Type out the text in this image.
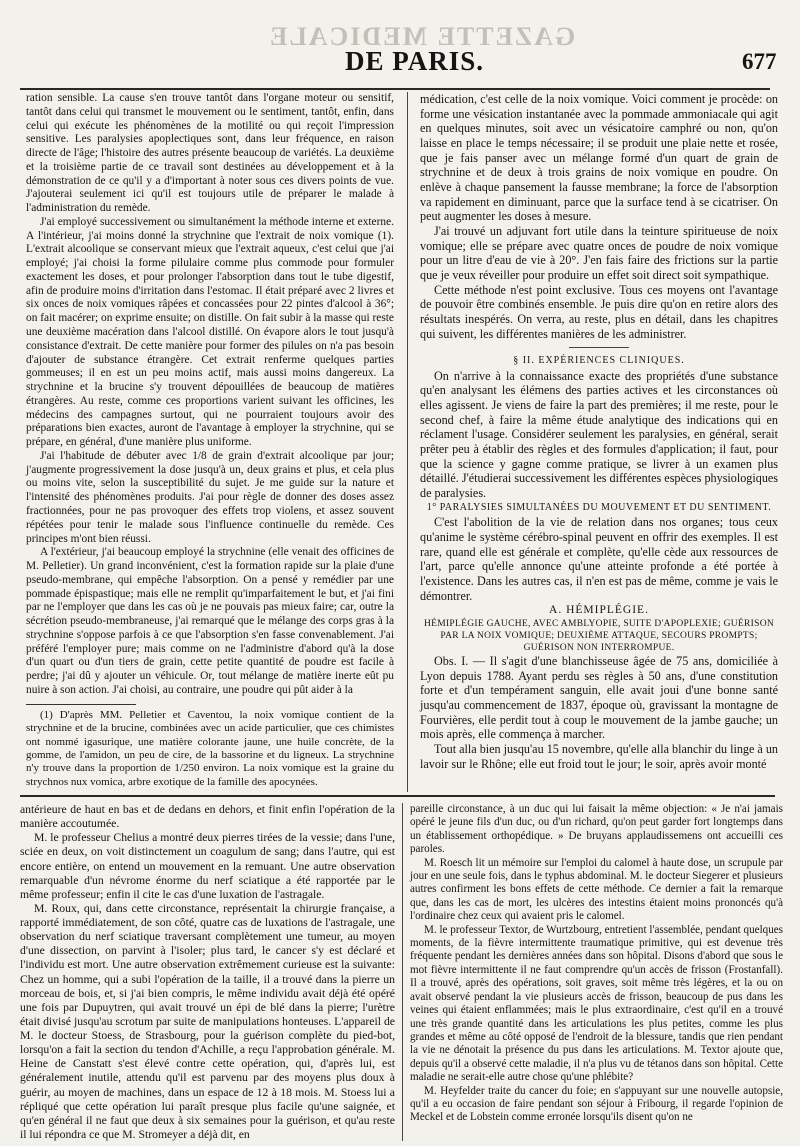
GAZETTE MEDICALE
DE PARIS.	677

ration sensible. La cause s'en trouve tantôt dans l'organe moteur ou sensitif, tantôt dans celui qui transmet le mouvement ou le sentiment, tantôt, enfin, dans celui qui exécute les phénomènes de la motilité ou qui reçoit l'impression sensitive. Les paralysies apoplectiques sont, dans leur fréquence, en raison directe de l'âge; l'histoire des autres présente beaucoup de variétés. La deuxième et la troisième partie de ce travail sont destinées au développement et à la démonstration de ce qu'il y a d'important à noter sous ces divers points de vue. J'ajouterai seulement ici qu'il est toujours utile de préparer le malade à l'administration du remède.

J'ai employé successivement ou simultanément la méthode interne et externe. A l'intérieur, j'ai moins donné la strychnine que l'extrait de noix vomique (1). L'extrait alcoolique se conservant mieux que l'extrait aqueux, c'est celui que j'ai employé; j'ai choisi la forme pilulaire comme plus commode pour formuler exactement les doses, et pour prolonger l'absorption dans tout le tube digestif, afin de produire moins d'irritation dans l'estomac. Il était préparé avec 2 livres et six onces de noix vomiques râpées et concassées pour 22 pintes d'alcool à 36°; on fait macérer; on exprime ensuite; on distille. On fait subir à la masse qui reste une deuxième macération dans l'alcool distillé. On évapore alors le tout jusqu'à consistance d'extrait. De cette manière pour former des pilules on n'a pas besoin d'ajouter de substance étrangère. Cet extrait renferme quelques parties gommeuses; il en est un peu moins actif, mais aussi moins dangereux. La strychnine et la brucine s'y trouvent dépouillées de beaucoup de matières étrangères. Au reste, comme ces proportions varient suivant les officines, les médecins des campagnes surtout, qui ne pourraient toujours avoir des préparations bien exactes, auront de l'avantage à employer la strychnine, qui se prépare, en général, d'une manière plus uniforme.

J'ai l'habitude de débuter avec 1/8 de grain d'extrait alcoolique par jour; j'augmente progressivement la dose jusqu'à un, deux grains et plus, et cela plus ou moins vite, selon la susceptibilité du sujet. Je me guide sur la nature et l'intensité des phénomènes produits. J'ai pour règle de donner des doses assez fractionnées, pour ne pas provoquer des effets trop violens, et assez souvent répétées pour tenir le malade sous l'influence continuelle du remède. Ces principes m'ont bien réussi.

A l'extérieur, j'ai beaucoup employé la strychnine (elle venait des officines de M. Pelletier). Un grand inconvénient, c'est la formation rapide sur la plaie d'une pseudo-membrane, qui empêche l'absorption. On a pensé y remédier par une pommade épispastique; mais elle ne remplit qu'imparfaitement le but, et j'ai fini par ne l'employer que dans les cas où je ne pouvais pas mieux faire; car, outre la sécrétion pseudo-membraneuse, j'ai remarqué que le mélange des corps gras à la strychnine s'oppose parfois à ce que l'absorption s'en fasse convenablement. J'ai préféré l'employer pure; mais comme on ne l'administre d'abord qu'à la dose d'un quart ou d'un tiers de grain, cette petite quantité de poudre est facile à perdre; j'ai dû y ajouter un véhicule. Or, tout mélange de matière inerte eût pu nuire à son action. J'ai choisi, au contraire, une poudre qui pût aider à la

(1) D'après MM. Pelletier et Caventou, la noix vomique contient de la strychnine et de la brucine, combinées avec un acide particulier, que ces chimistes ont nommé igasurique, une matière colorante jaune, une huile concrète, de la gomme, de l'amidon, un peu de cire, de la bassorine et du ligneux. La strychnine n'y trouve dans la proportion de 1/250 environ. La noix vomique est la graine du strychnos nux vomica, arbre exotique de la famille des apocynées.

médication, c'est celle de la noix vomique. Voici comment je procède: on forme une vésication instantanée avec la pommade ammoniacale qui agit en quelques minutes, soit avec un vésicatoire camphré ou non, qu'on laisse en place le temps nécessaire; il se produit une plaie nette et rosée, que je fais panser avec un mélange formé d'un quart de grain de strychnine et de deux à trois grains de noix vomique en poudre. On enlève à chaque pansement la fausse membrane; la force de l'absorption va rapidement en diminuant, parce que la surface tend à se cicatriser. On peut augmenter les doses à mesure.

J'ai trouvé un adjuvant fort utile dans la teinture spiritueuse de noix vomique; elle se prépare avec quatre onces de poudre de noix vomique pour un litre d'eau de vie à 20°. J'en fais faire des frictions sur la partie que je veux réveiller pour produire un effet soit direct soit sympathique.

Cette méthode n'est point exclusive. Tous ces moyens ont l'avantage de pouvoir être combinés ensemble. Je puis dire qu'on en retire alors des résultats inespérés. On verra, au reste, plus en détail, dans les chapitres qui suivent, les différentes manières de les administrer.

§ II. EXPÉRIENCES CLINIQUES.

On n'arrive à la connaissance exacte des propriétés d'une substance qu'en analysant les élémens des parties actives et les circonstances où elles agissent. Je viens de faire la part des premières; il me reste, pour le second chef, à faire la même étude analytique des indications qui en réclament l'usage. Considérer seulement les paralysies, en général, serait prêter peu à établir des règles et des formules d'application; il faut, pour que la science y gagne comme pratique, se livrer à un examen plus détaillé. J'étudierai successivement les différentes espèces physiologiques de paralysies.

1° PARALYSIES SIMULTANÉES DU MOUVEMENT ET DU SENTIMENT.

C'est l'abolition de la vie de relation dans nos organes; tous ceux qu'anime le système cérébro-spinal peuvent en offrir des exemples. Il est rare, quand elle est générale et complète, qu'elle cède aux ressources de l'art, parce qu'elle annonce qu'une atteinte profonde a été portée à l'existence. Dans les autres cas, il n'en est pas de même, comme je vais le démontrer.

A. HÉMIPLÉGIE.

HÉMIPLÉGIE GAUCHE, AVEC AMBLYOPIE, SUITE D'APOPLEXIE; GUÉRISON PAR LA NOIX VOMIQUE; DEUXIÈME ATTAQUE, SECOURS PROMPTS; GUÉRISON NON INTERROMPUE.

Obs. I. — Il s'agit d'une blanchisseuse âgée de 75 ans, domiciliée à Lyon depuis 1788. Ayant perdu ses règles à 50 ans, d'une constitution forte et d'un tempérament sanguin, elle avait joui d'une bonne santé jusqu'au commencement de 1837, époque où, gravissant la montagne de Fourvières, elle perdit tout à coup le mouvement de la jambe gauche; un mois après, elle commença à marcher.

Tout alla bien jusqu'au 15 novembre, qu'elle alla blanchir du linge à un lavoir sur le Rhône; elle eut froid tout le jour; le soir, après avoir monté

antérieure de haut en bas et de dedans en dehors, et finit enfin l'opération de la manière accoutumée.

M. le professeur Chelius a montré deux pierres tirées de la vessie; dans l'une, sciée en deux, on voit distinctement un coagulum de sang; dans l'autre, qui est encore entière, on entend un mouvement en la remuant. Une autre observation remarquable d'un névrome énorme du nerf sciatique a été rapportée par le même professeur; enfin il cite le cas d'une luxation de l'astragale.

M. Roux, qui, dans cette circonstance, représentait la chirurgie française, a rapporté immédiatement, de son côté, quatre cas de luxations de l'astragale, une observation du nerf sciatique traversant complètement une tumeur, au moyen d'une dissection, on parvint à l'isoler; plus tard, le cancer s'y est déclaré et l'individu est mort. Une autre observation extrêmement curieuse est la suivante: Chez un homme, qui a subi l'opération de la taille, il a trouvé dans la pierre un morceau de bois, et, si j'ai bien compris, le même individu avait déjà été opéré une fois par Dupuytren, qui avait trouvé un épi de blé dans la pierre; l'urètre était divisé jusqu'au scrotum par suite de manipulations honteuses. L'appareil de M. le docteur Stoess, de Strasbourg, pour la guérison complète du pied-bot, lorsqu'on a fait la section du tendon d'Achille, a reçu l'approbation générale. M. Heine de Canstatt s'est élevé contre cette opération, qui, d'après lui, est généralement inutile, attendu qu'il est parvenu par des moyens plus doux à guérir, au moyen de machines, dans un espace de 12 à 18 mois. M. Stoess lui a répliqué que cette opération lui paraît presque plus facile qu'une saignée, et qu'en général il ne faut que deux à six semaines pour la guérison, et qu'au reste il lui répondra ce que M. Stromeyer a déjà dit, en

pareille circonstance, à un duc qui lui faisait la même objection: « Je n'ai jamais opéré le jeune fils d'un duc, ou d'un richard, qu'on peut garder fort longtemps dans un établissement orthopédique. » De bruyans applaudissemens ont accueilli ces paroles.

M. Roesch lit un mémoire sur l'emploi du calomel à haute dose, un scrupule par jour en une seule fois, dans le typhus abdominal. M. le docteur Siegerer et plusieurs autres confirment les bons effets de cette méthode. Ce dernier a fait la remarque que, dans les cas de mort, les ulcères des intestins étaient moins prononcés qu'à l'ordinaire chez ceux qui avaient pris le calomel.

M. le professeur Textor, de Wurtzbourg, entretient l'assemblée, pendant quelques moments, de la fièvre intermittente traumatique primitive, qui est devenue très fréquente pendant les dernières années dans son hôpital. Disons d'abord que sous le mot fièvre intermittente il ne faut comprendre qu'un accès de frisson (Frostanfall). Il a trouvé, après des opérations, soit graves, soit même très légères, et la ou on avait observé pendant la vie plusieurs accès de frisson, beaucoup de pus dans les veines qui étaient enflammées; mais le plus extraordinaire, c'est qu'il en a trouvé une très grande quantité dans les articulations les plus petites, comme les plus grandes et même au côté opposé de l'endroit de la blessure, tandis que rien pendant la vie ne dénotait la présence du pus dans les articulations. M. Textor ajoute que, depuis qu'il a observé cette maladie, il n'a plus vu de tétanos dans son hôpital. Cette maladie ne serait-elle autre chose qu'une phlébite?

M. Heyfelder traite du cancer du foie; en s'appuyant sur une nouvelle autopsie, qu'il a eu occasion de faire pendant son séjour à Fribourg, il regarde l'opinion de Meckel et de Lobstein comme erronée lorsqu'ils disent qu'on ne
